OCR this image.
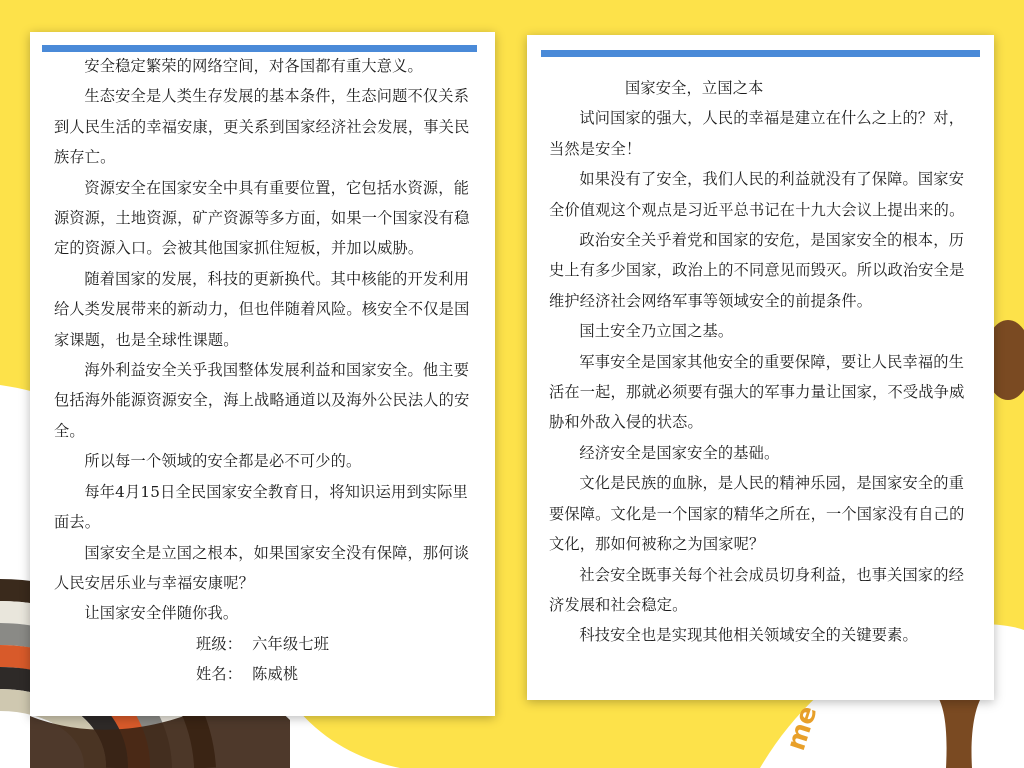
me

安全稳定繁荣的网络空间，对各国都有重大意义。

生态安全是人类生存发展的基本条件，生态问题不仅关系到人民生活的幸福安康，更关系到国家经济社会发展，事关民族存亡。

资源安全在国家安全中具有重要位置，它包括水资源，能源资源，土地资源，矿产资源等多方面，如果一个国家没有稳定的资源入口。会被其他国家抓住短板，并加以威胁。

随着国家的发展，科技的更新换代。其中核能的开发利用给人类发展带来的新动力，但也伴随着风险。核安全不仅是国家课题，也是全球性课题。

海外利益安全关乎我国整体发展利益和国家安全。他主要包括海外能源资源安全，海上战略通道以及海外公民法人的安全。

所以每一个领域的安全都是必不可少的。

每年4月15日全民国家安全教育日，将知识运用到实际里面去。

国家安全是立国之根本，如果国家安全没有保障，那何谈人民安居乐业与幸福安康呢？

让国家安全伴随你我。

班级： 六年级七班

姓名： 陈威桃

国家安全，立国之本

试问国家的强大，人民的幸福是建立在什么之上的？对，当然是安全！

如果没有了安全，我们人民的利益就没有了保障。国家安全价值观这个观点是习近平总书记在十九大会议上提出来的。

政治安全关乎着党和国家的安危，是国家安全的根本，历史上有多少国家，政治上的不同意见而毁灭。所以政治安全是维护经济社会网络军事等领域安全的前提条件。

国土安全乃立国之基。

军事安全是国家其他安全的重要保障，要让人民幸福的生活在一起，那就必须要有强大的军事力量让国家，不受战争威胁和外敌入侵的状态。

经济安全是国家安全的基础。

文化是民族的血脉，是人民的精神乐园，是国家安全的重要保障。文化是一个国家的精华之所在，一个国家没有自己的文化，那如何被称之为国家呢？

社会安全既事关每个社会成员切身利益，也事关国家的经济发展和社会稳定。

科技安全也是实现其他相关领域安全的关键要素。
